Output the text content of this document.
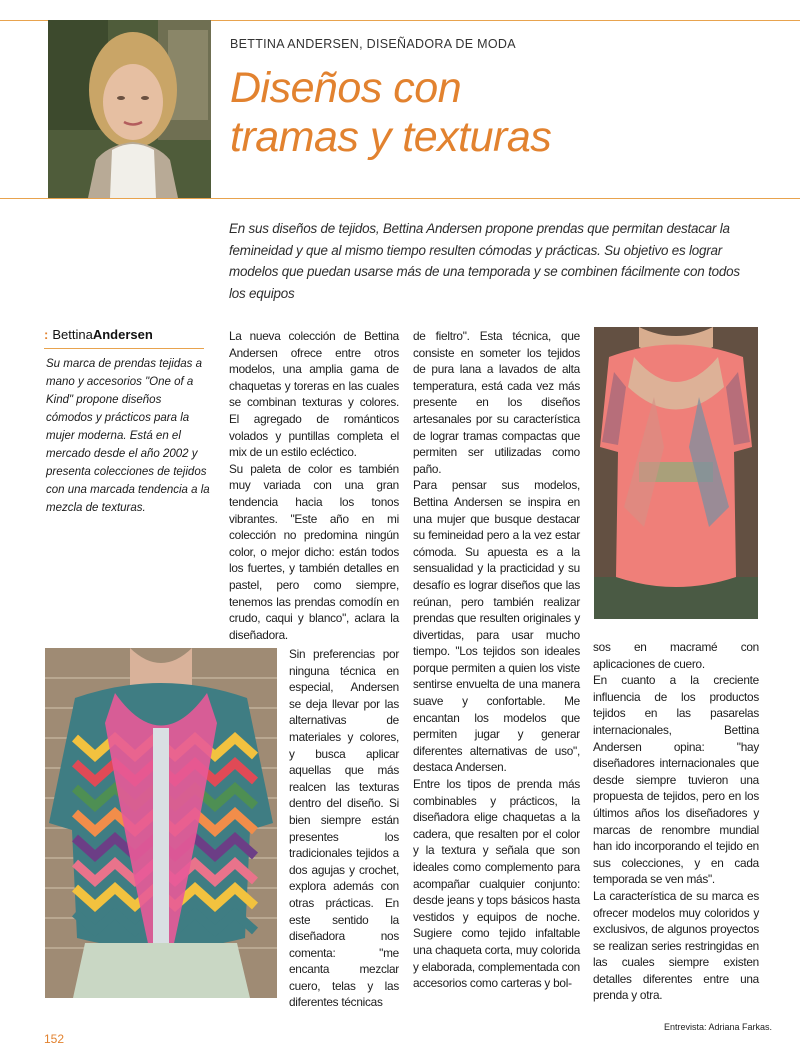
BETTINA ANDERSEN, DISEÑADORA DE MODA

Diseños con
tramas y texturas

En sus diseños de tejidos, Bettina Andersen propone prendas que permitan destacar la femineidad y que al mismo tiempo resulten cómodas y prácticas. Su objetivo es lograr modelos que puedan usarse más de una temporada y se combinen fácilmente con todos los equipos

: BettinaAndersen

Su marca de prendas tejidas a mano y accesorios "One of a Kind" propone diseños cómodos y prácticos para la mujer moderna. Está en el mercado desde el año 2002 y presenta colecciones de tejidos con una marcada tendencia a la mezcla de texturas.

La nueva colección de Bettina Andersen ofrece entre otros modelos, una amplia gama de chaquetas y toreras en las cuales se combinan texturas y colores. El agregado de románticos volados y puntillas completa el mix de un estilo ecléctico.

Su paleta de color es también muy variada con una gran tendencia hacia los tonos vibrantes. "Este año en mi colección no predomina ningún color, o mejor dicho: están todos los fuertes, y también detalles en pastel, pero como siempre, tenemos las prendas comodín en crudo, caqui y blanco", aclara la diseñadora.

Sin preferencias por ninguna técnica en especial, Andersen se deja llevar por las alternativas de materiales y colores, y busca aplicar aquellas que más realcen las texturas dentro del diseño. Si bien siempre están presentes los tradicionales tejidos a dos agujas y crochet, explora además con otras prácticas. En este sentido la diseñadora nos comenta: "me encanta mezclar cuero, telas y las diferentes técnicas

de fieltro". Esta técnica, que consiste en someter los tejidos de pura lana a lavados de alta temperatura, está cada vez más presente en los diseños artesanales por su característica de lograr tramas compactas que permiten ser utilizadas como paño.

Para pensar sus modelos, Bettina Andersen se inspira en una mujer que busque destacar su femineidad pero a la vez estar cómoda. Su apuesta es a la sensualidad y la practicidad y su desafío es lograr diseños que las reúnan, pero también realizar prendas que resulten originales y divertidas, para usar mucho tiempo. "Los tejidos son ideales porque permiten a quien los viste sentirse envuelta de una manera suave y confortable. Me encantan los modelos que permiten jugar y generar diferentes alternativas de uso", destaca Andersen.

Entre los tipos de prenda más combinables y prácticos, la diseñadora elige chaquetas a la cadera, que resalten por el color y la textura y señala que son ideales como complemento para acompañar cualquier conjunto: desde jeans y tops básicos hasta vestidos y equipos de noche. Sugiere como tejido infaltable una chaqueta corta, muy colorida y elaborada, complementada con accesorios como carteras y bol-

sos en macramé con aplicaciones de cuero.

En cuanto a la creciente influencia de los productos tejidos en las pasarelas internacionales, Bettina Andersen opina: "hay diseñadores internacionales que desde siempre tuvieron una propuesta de tejidos, pero en los últimos años los diseñadores y marcas de renombre mundial han ido incorporando el tejido en sus colecciones, y en cada temporada se ven más".

La característica de su marca es ofrecer modelos muy coloridos y exclusivos, de algunos proyectos se realizan series restringidas en las cuales siempre existen detalles diferentes entre una prenda y otra.

Entrevista: Adriana Farkas.

152
